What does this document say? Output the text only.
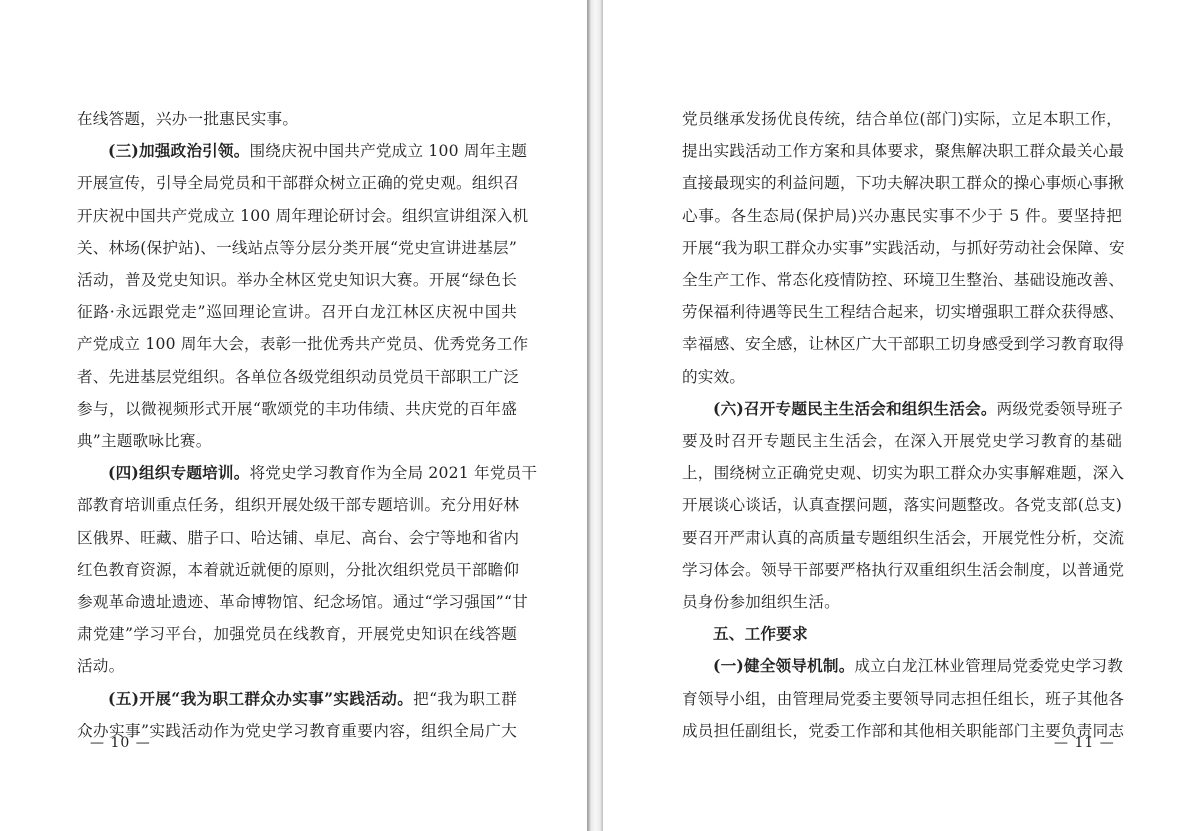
— 10 —
在线答题，兴办一批惠民实事。
(三)加强政治引领。围绕庆祝中国共产党成立 100 周年主题
开展宣传，引导全局党员和干部群众树立正确的党史观。组织召
开庆祝中国共产党成立 100 周年理论研讨会。组织宣讲组深入机
关、林场(保护站)、一线站点等分层分类开展“党史宣讲进基层”
活动，普及党史知识。举办全林区党史知识大赛。开展“绿色长
征路·永远跟党走”巡回理论宣讲。召开白龙江林区庆祝中国共
产党成立 100 周年大会，表彰一批优秀共产党员、优秀党务工作
者、先进基层党组织。各单位各级党组织动员党员干部职工广泛
参与，以微视频形式开展“歌颂党的丰功伟绩、共庆党的百年盛
典”主题歌咏比赛。
(四)组织专题培训。将党史学习教育作为全局 2021 年党员干
部教育培训重点任务，组织开展处级干部专题培训。充分用好林
区俄界、旺藏、腊子口、哈达铺、卓尼、高台、会宁等地和省内
红色教育资源，本着就近就便的原则，分批次组织党员干部瞻仰
参观革命遗址遗迹、革命博物馆、纪念场馆。通过“学习强国”“甘
肃党建”学习平台，加强党员在线教育，开展党史知识在线答题
活动。
(五)开展“我为职工群众办实事”实践活动。把“我为职工群
众办实事”实践活动作为党史学习教育重要内容，组织全局广大
党员继承发扬优良传统，结合单位(部门)实际，立足本职工作，
提出实践活动工作方案和具体要求，聚焦解决职工群众最关心最
直接最现实的利益问题，下功夫解决职工群众的操心事烦心事揪
心事。各生态局(保护局)兴办惠民实事不少于 5 件。要坚持把
开展“我为职工群众办实事”实践活动，与抓好劳动社会保障、安
全生产工作、常态化疫情防控、环境卫生整治、基础设施改善、
劳保福利待遇等民生工程结合起来，切实增强职工群众获得感、
幸福感、安全感，让林区广大干部职工切身感受到学习教育取得
的实效。
(六)召开专题民主生活会和组织生活会。两级党委领导班子
要及时召开专题民主生活会，在深入开展党史学习教育的基础
上，围绕树立正确党史观、切实为职工群众办实事解难题，深入
开展谈心谈话，认真查摆问题，落实问题整改。各党支部(总支)
要召开严肃认真的高质量专题组织生活会，开展党性分析，交流
学习体会。领导干部要严格执行双重组织生活会制度，以普通党
员身份参加组织生活。
五、工作要求
(一)健全领导机制。成立白龙江林业管理局党委党史学习教
育领导小组，由管理局党委主要领导同志担任组长，班子其他各
成员担任副组长，党委工作部和其他相关职能部门主要负责同志
— 11 —
